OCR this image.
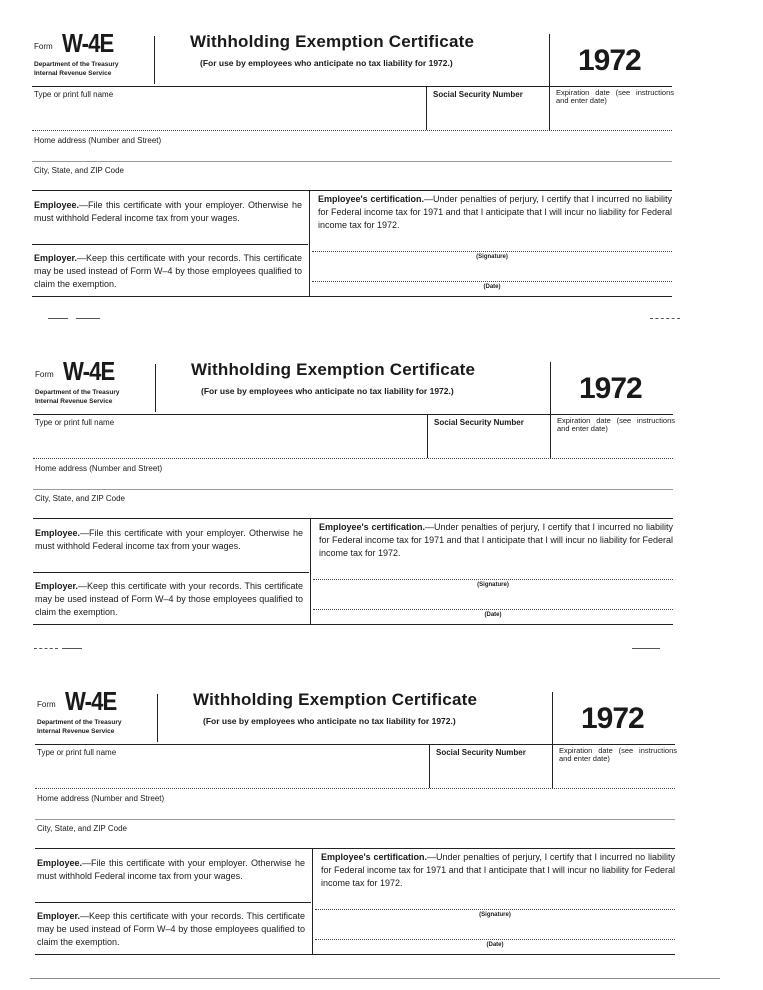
Form W-4E
Department of the Treasury
Internal Revenue Service
Withholding Exemption Certificate
(For use by employees who anticipate no tax liability for 1972.)	1972
Type or print full name	Social Security Number	Expiration date (see instructions and enter date)
Home address (Number and Street)
City, State, and ZIP Code
Employee.—File this certificate with your employer. Otherwise he must withhold Federal income tax from your wages.
Employer.—Keep this certificate with your records. This certificate may be used instead of Form W–4 by those employees qualified to claim the exemption.
Employee's certification.—Under penalties of perjury, I certify that I incurred no liability for Federal income tax for 1971 and that I anticipate that I will incur no liability for Federal income tax for 1972.
(Signature)
(Date)
Form W-4E
Department of the Treasury
Internal Revenue Service
Withholding Exemption Certificate
(For use by employees who anticipate no tax liability for 1972.)	1972
Type or print full name	Social Security Number	Expiration date (see instructions and enter date)
Home address (Number and Street)
City, State, and ZIP Code
Employee.—File this certificate with your employer. Otherwise he must withhold Federal income tax from your wages.
Employer.—Keep this certificate with your records. This certificate may be used instead of Form W–4 by those employees qualified to claim the exemption.
Employee's certification.—Under penalties of perjury, I certify that I incurred no liability for Federal income tax for 1971 and that I anticipate that I will incur no liability for Federal income tax for 1972.
(Signature)
(Date)
Form W-4E
Department of the Treasury
Internal Revenue Service
Withholding Exemption Certificate
(For use by employees who anticipate no tax liability for 1972.)	1972
Type or print full name	Social Security Number	Expiration date (see instructions and enter date)
Home address (Number and Street)
City, State, and ZIP Code
Employee.—File this certificate with your employer. Otherwise he must withhold Federal income tax from your wages.
Employer.—Keep this certificate with your records. This certificate may be used instead of Form W–4 by those employees qualified to claim the exemption.
Employee's certification.—Under penalties of perjury, I certify that I incurred no liability for Federal income tax for 1971 and that I anticipate that I will incur no liability for Federal income tax for 1972.
(Signature)
(Date)
